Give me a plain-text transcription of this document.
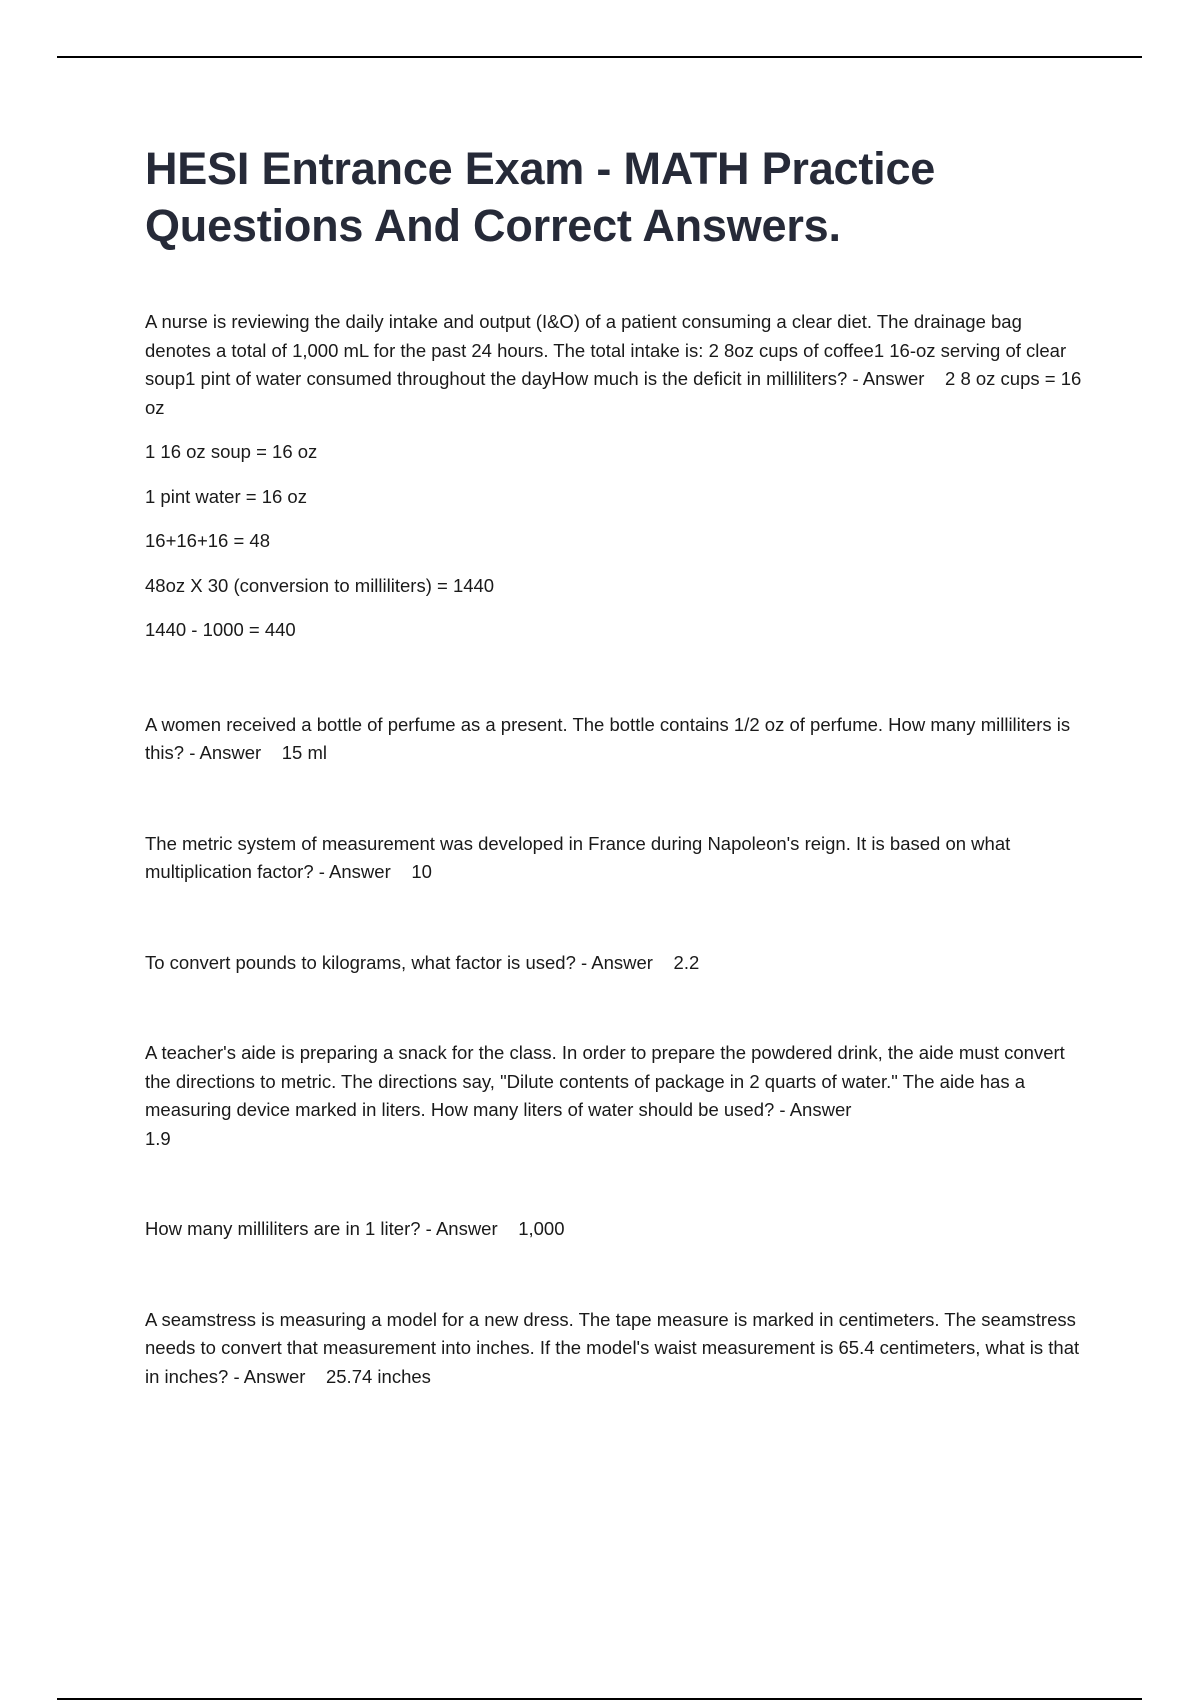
HESI Entrance Exam - MATH Practice Questions And Correct Answers.

A nurse is reviewing the daily intake and output (I&O) of a patient consuming a clear diet. The drainage bag denotes a total of 1,000 mL for the past 24 hours. The total intake is: 2 8oz cups of coffee1 16-oz serving of clear soup1 pint of water consumed throughout the dayHow much is the deficit in milliliters? - Answer 2 8 oz cups = 16 oz

1 16 oz soup = 16 oz

1 pint water = 16 oz

16+16+16 = 48

48oz X 30 (conversion to milliliters) = 1440

1440 - 1000 = 440

A women received a bottle of perfume as a present. The bottle contains 1/2 oz of perfume. How many milliliters is this? - Answer 15 ml

The metric system of measurement was developed in France during Napoleon's reign. It is based on what multiplication factor? - Answer 10

To convert pounds to kilograms, what factor is used? - Answer 2.2

A teacher's aide is preparing a snack for the class. In order to prepare the powdered drink, the aide must convert the directions to metric. The directions say, "Dilute contents of package in 2 quarts of water." The aide has a measuring device marked in liters. How many liters of water should be used? - Answer
1.9

How many milliliters are in 1 liter? - Answer 1,000

A seamstress is measuring a model for a new dress. The tape measure is marked in centimeters. The seamstress needs to convert that measurement into inches. If the model's waist measurement is 65.4 centimeters, what is that in inches? - Answer 25.74 inches
